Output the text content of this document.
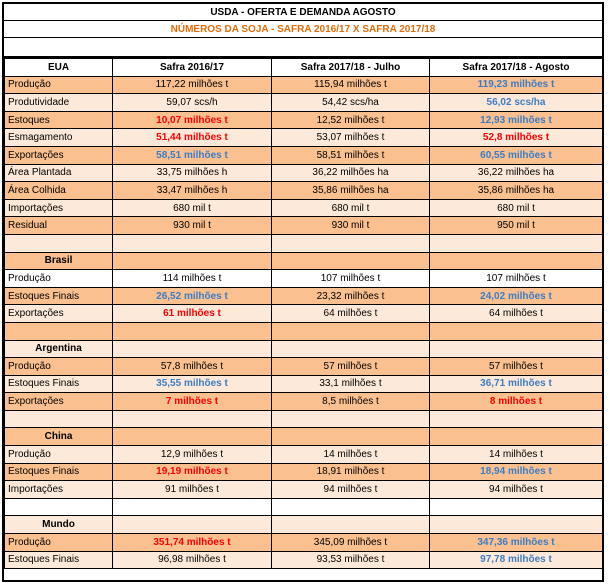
USDA - OFERTA E DEMANDA AGOSTO
NÚMEROS DA SOJA - SAFRA 2016/17 X SAFRA 2017/18
EUA	Safra 2016/17	Safra 2017/18 - Julho	Safra 2017/18 - Agosto
Produção	117,22 milhões t	115,94 milhões t	119,23 milhões t
Produtividade	59,07 scs/h	54,42 scs/ha	56,02 scs/ha
Estoques	10,07 milhões t	12,52 milhões t	12,93 milhões t
Esmagamento	51,44 milhões t	53,07 milhões t	52,8 milhões t
Exportações	58,51 milhões t	58,51 milhões t	60,55 milhões t
Área Plantada	33,75 milhões h	36,22 milhões ha	36,22 milhões ha
Área Colhida	33,47 milhões h	35,86 milhões ha	35,86 milhões ha
Importações	680 mil t	680 mil t	680 mil t
Residual	930 mil t	930 mil t	950 mil t

Brasil			
Produção	114 milhões t	107 milhões t	107 milhões t
Estoques Finais	26,52 milhões t	23,32 milhões t	24,02 milhões t
Exportações	61 milhões t	64 milhões t	64 milhões t

Argentina			
Produção	57,8 milhões t	57 milhões t	57 milhões t
Estoques Finais	35,55 milhões t	33,1 milhões t	36,71 milhões t
Exportações	7 milhões t	8,5 milhões t	8 milhões t

China			
Produção	12,9 milhões t	14 milhões t	14 milhões t
Estoques Finais	19,19 milhões t	18,91 milhões t	18,94 milhões t
Importações	91 milhões t	94 milhões t	94 milhões t

Mundo			
Produção	351,74 milhões t	345,09 milhões t	347,36 milhões t
Estoques Finais	96,98 milhões t	93,53 milhões t	97,78 milhões t
